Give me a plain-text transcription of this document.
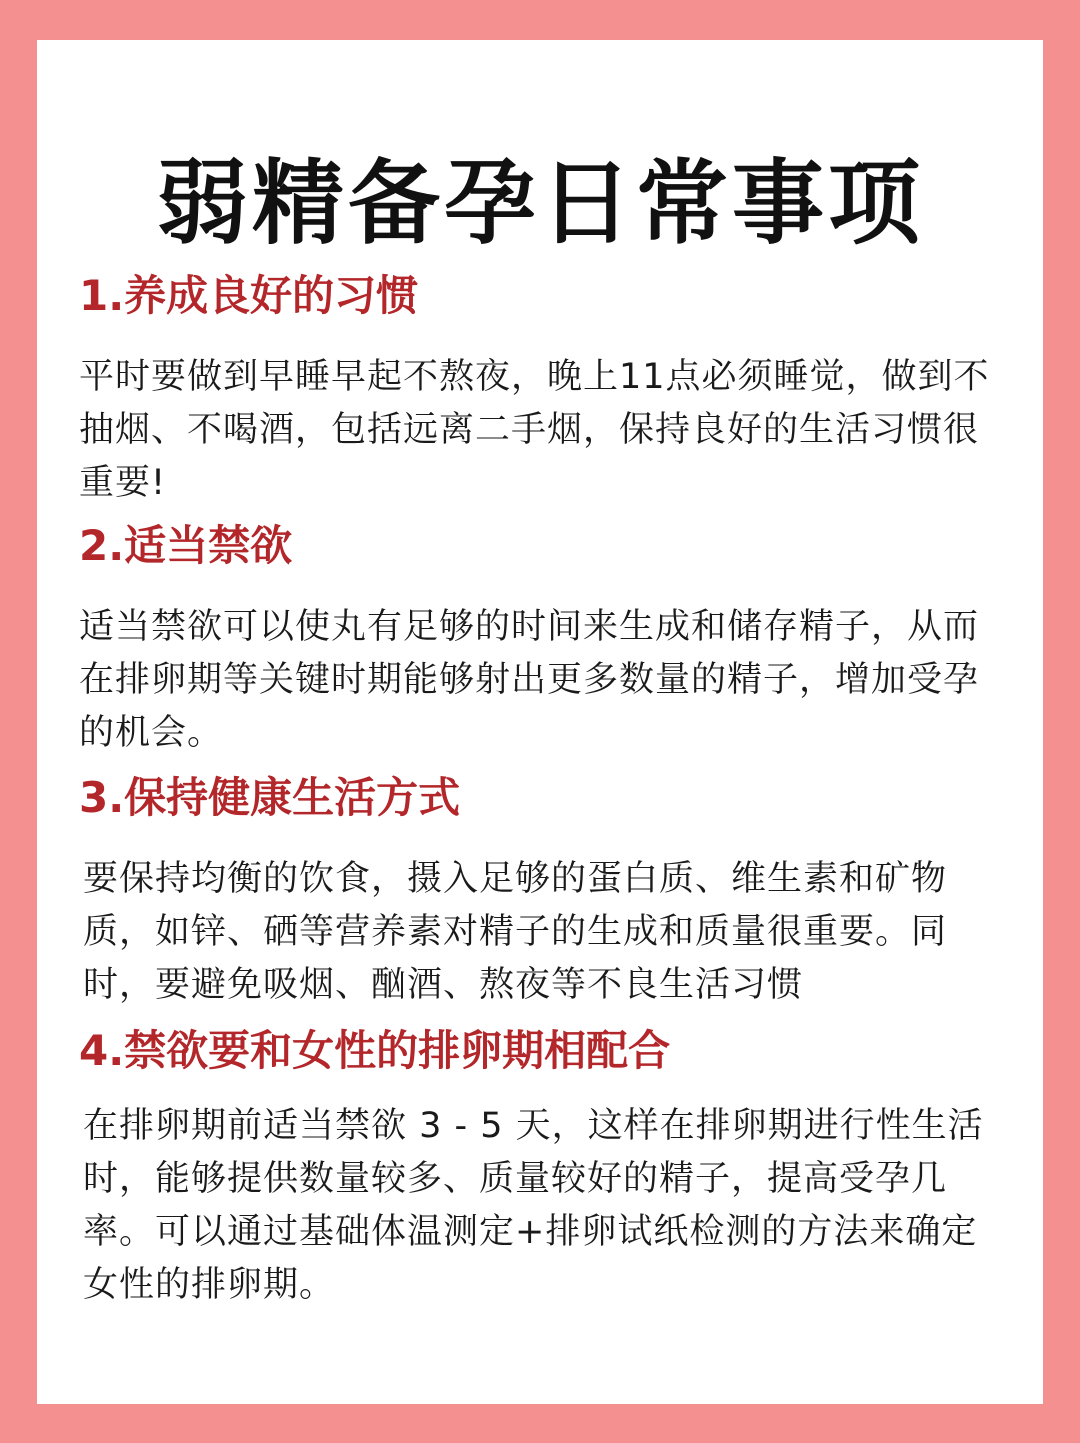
弱精备孕日常事项
1.养成良好的习惯

平时要做到早睡早起不熬夜，晚上11点必须睡觉，做到不抽烟、不喝酒，包括远离二手烟，保持良好的生活习惯很重要!

2.适当禁欲

适当禁欲可以使丸有足够的时间来生成和储存精子，从而在排卵期等关键时期能够射出更多数量的精子，增加受孕的机会。

3.保持健康生活方式

要保持均衡的饮食，摄入足够的蛋白质、维生素和矿物质，如锌、硒等营养素对精子的生成和质量很重要。同时，要避免吸烟、酗酒、熬夜等不良生活习惯

4.禁欲要和女性的排卵期相配合

在排卵期前适当禁欲 3 - 5 天，这样在排卵期进行性生活时，能够提供数量较多、质量较好的精子，提高受孕几率。可以通过基础体温测定+排卵试纸检测的方法来确定女性的排卵期。
